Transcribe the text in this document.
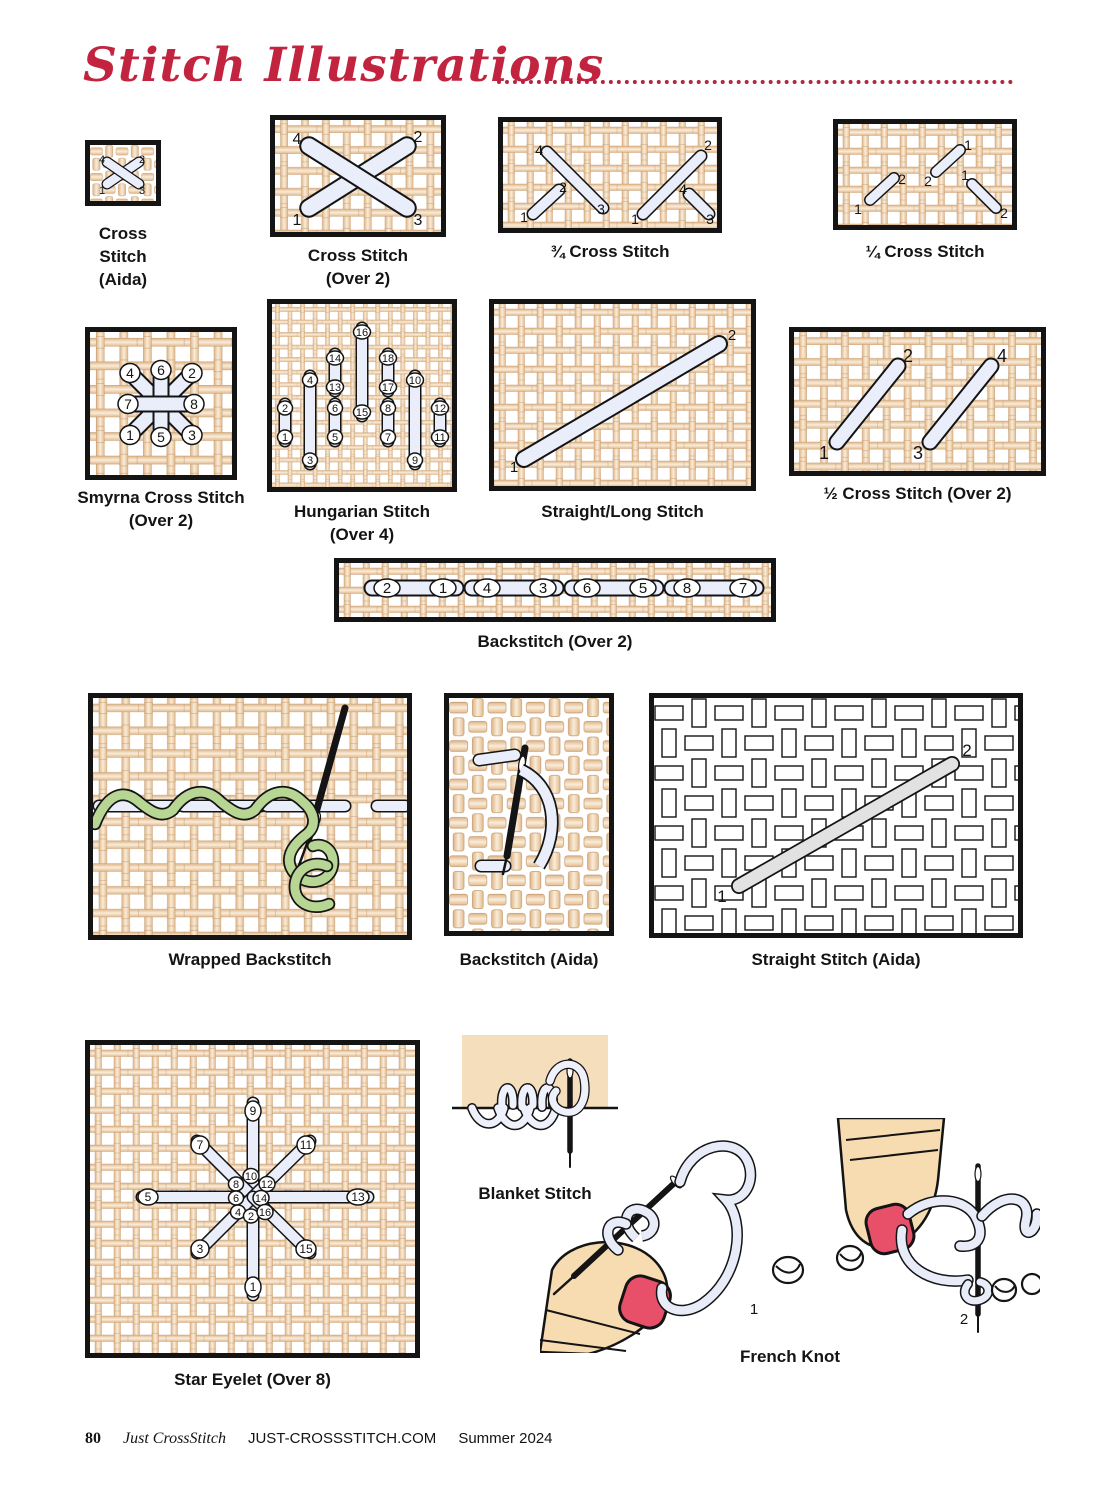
Stitch Illustrations
4	2
1	3
Cross
Stitch
(Aida)
4	2
1	3
Cross Stitch
(Over 2)
4
2
1	3
2
4
1	3
¾ Cross Stitch
1
2 2
1
1
2
¼ Cross Stitch
4 6 2
7	8
1 5 3
Smyrna Cross Stitch
(Over 2)
2
1
4
3
14
13
6
5
16
15
18
17
8
7
10
9
12
11
Hungarian Stitch
(Over 4)
1
2
Straight/Long Stitch
2	4
1	3
½ Cross Stitch (Over 2)
2	1 4	3 6	5 8	7
Backstitch (Over 2)
Wrapped Backstitch	Backstitch (Aida)
1
2
Straight Stitch (Aida)
9
7	11
5	13
3	15
1
10
8 12
6 14
4 2 16
Star Eyelet (Over 8)
Blanket Stitch
1
2
French Knot
80 Just CrossStitch JUST-CROSSSTITCH.COM Summer 2024
